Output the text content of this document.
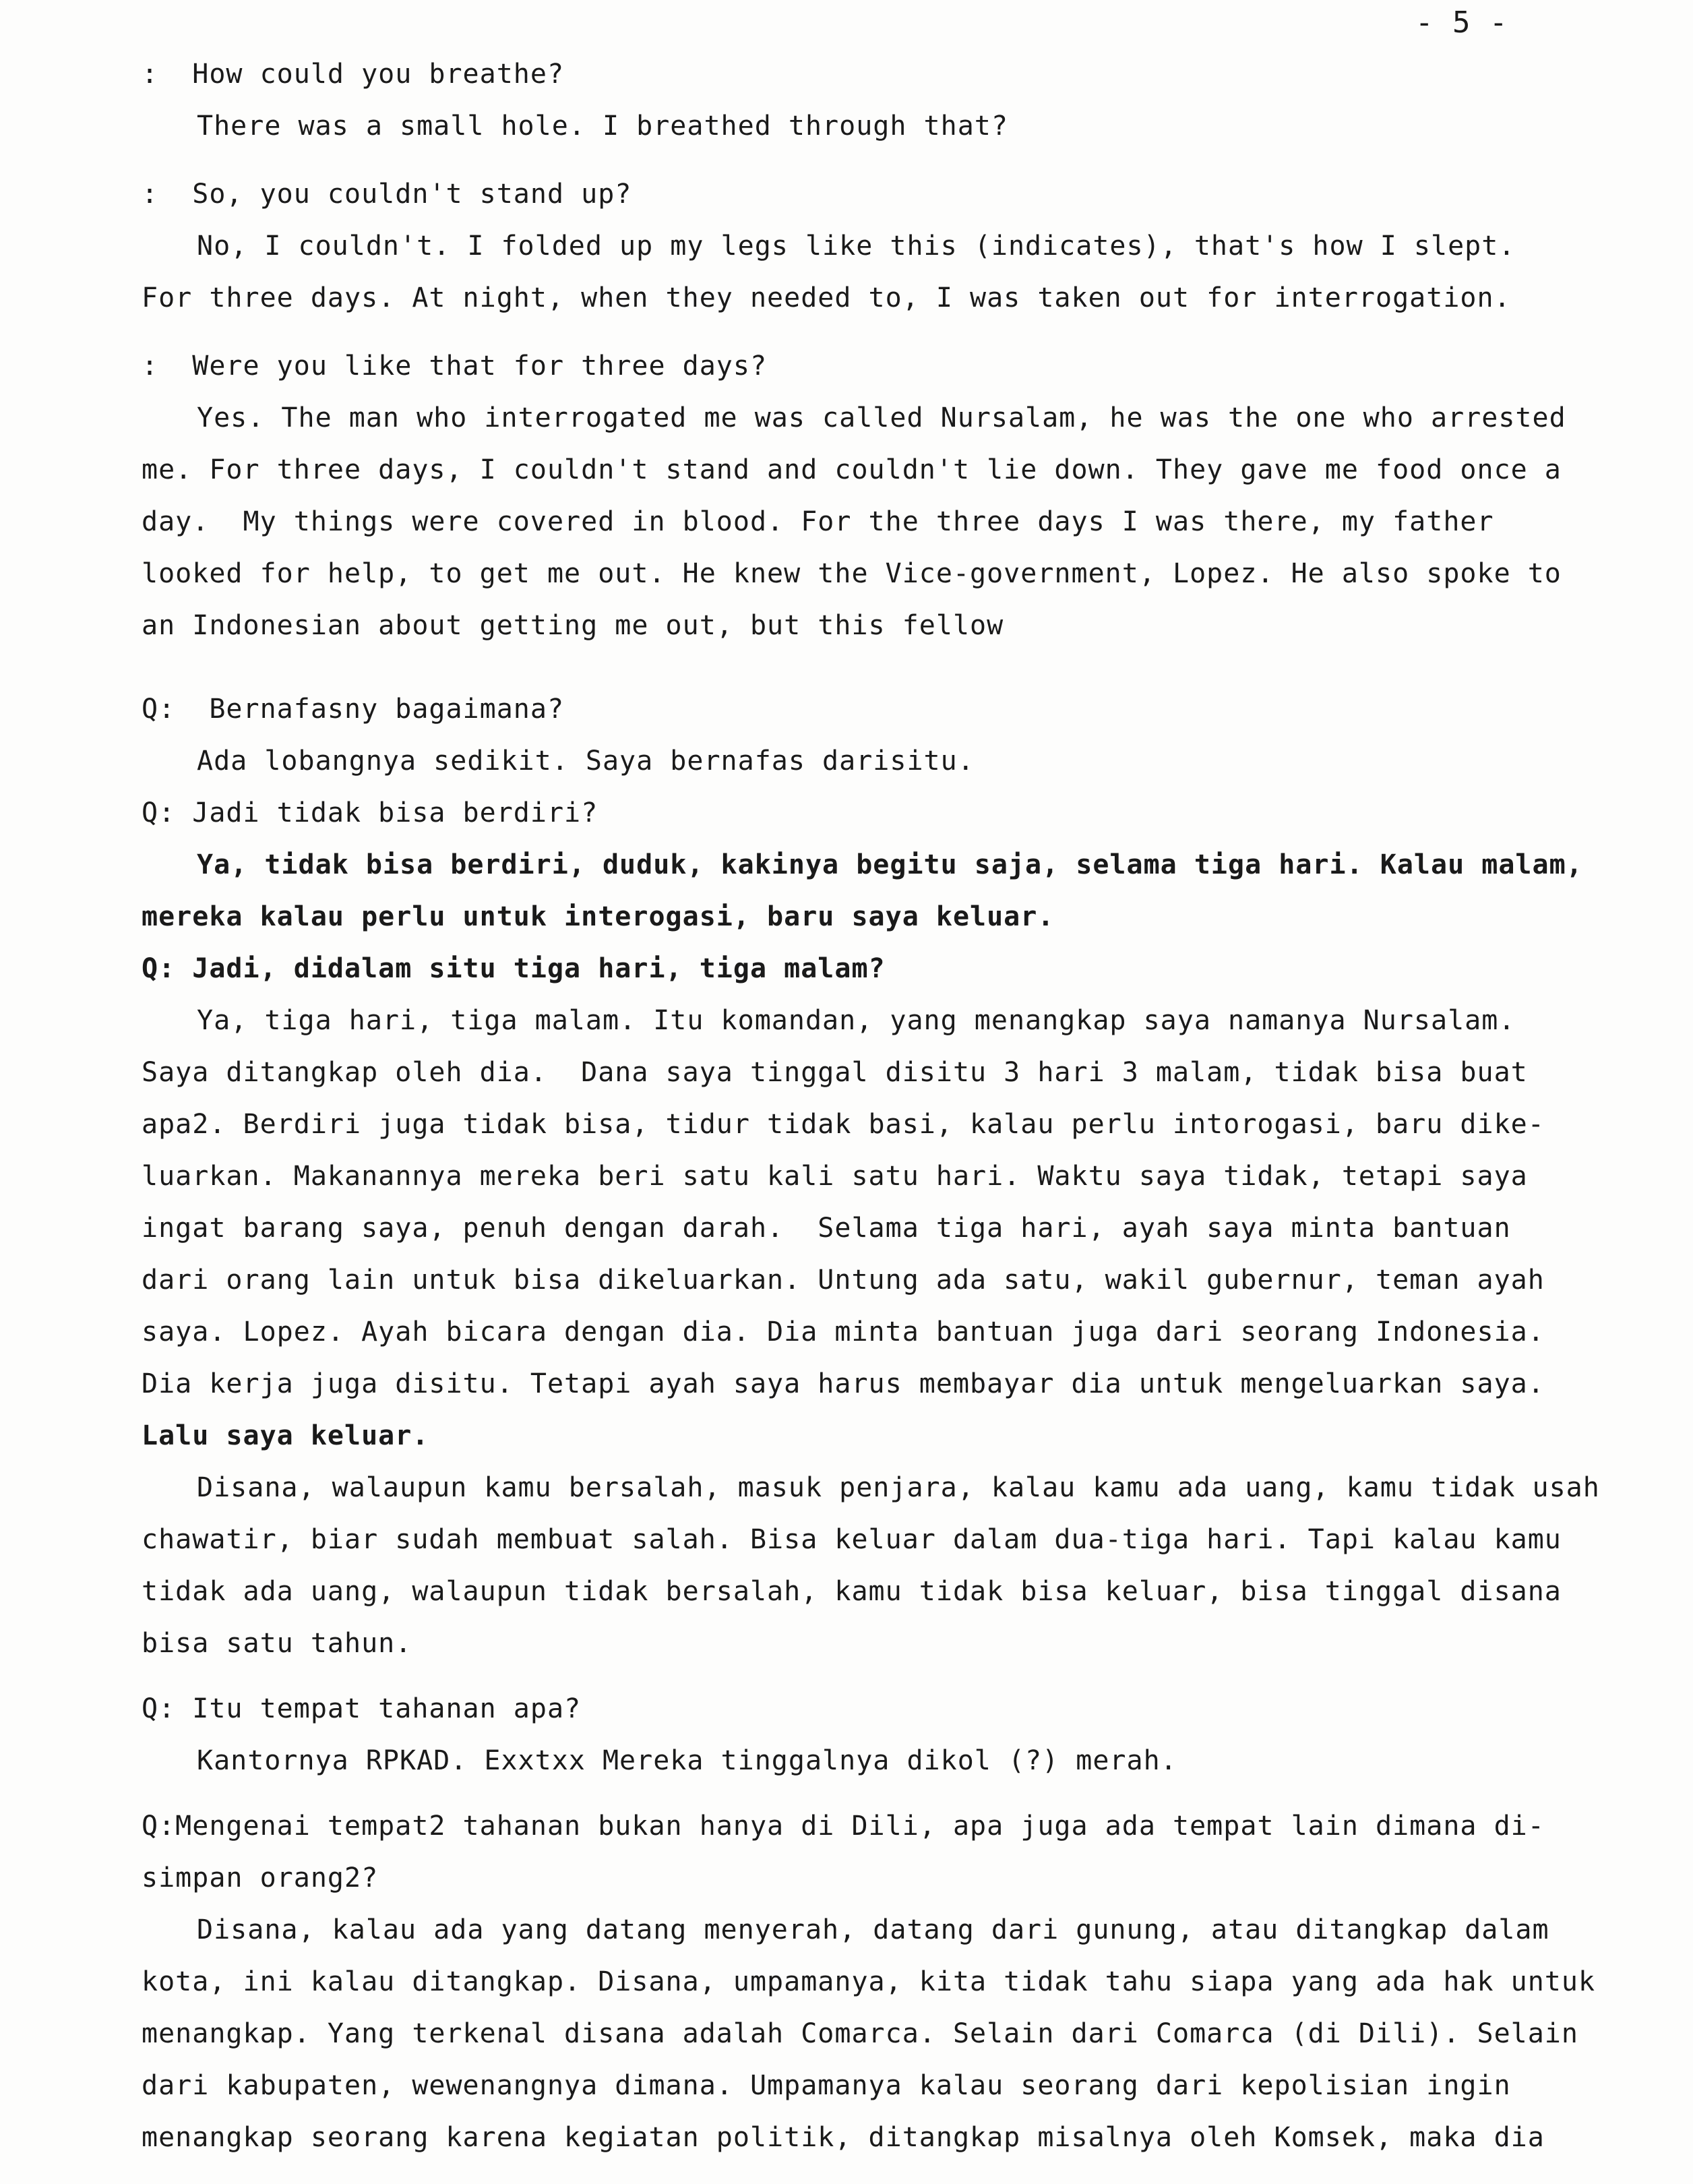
- 5 -
:  How could you breathe?
There was a small hole. I breathed through that?
:  So, you couldn't stand up?
No, I couldn't. I folded up my legs like this (indicates), that's how I slept.
For three days. At night, when they needed to, I was taken out for interrogation.
:  Were you like that for three days?
Yes. The man who interrogated me was called Nursalam, he was the one who arrested
me. For three days, I couldn't stand and couldn't lie down. They gave me food once a
day.  My things were covered in blood. For the three days I was there, my father
looked for help, to get me out. He knew the Vice-government, Lopez. He also spoke to
an Indonesian about getting me out, but this fellow
Q:  Bernafasny bagaimana?
Ada lobangnya sedikit. Saya bernafas darisitu.
Q: Jadi tidak bisa berdiri?
Ya, tidak bisa berdiri, duduk, kakinya begitu saja, selama tiga hari. Kalau malam,
mereka kalau perlu untuk interogasi, baru saya keluar.
Q: Jadi, didalam situ tiga hari, tiga malam?
Ya, tiga hari, tiga malam. Itu komandan, yang menangkap saya namanya Nursalam.
Saya ditangkap oleh dia.  Dana saya tinggal disitu 3 hari 3 malam, tidak bisa buat
apa2. Berdiri juga tidak bisa, tidur tidak basi, kalau perlu intorogasi, baru dike-
luarkan. Makanannya mereka beri satu kali satu hari. Waktu saya tidak, tetapi saya
ingat barang saya, penuh dengan darah.  Selama tiga hari, ayah saya minta bantuan
dari orang lain untuk bisa dikeluarkan. Untung ada satu, wakil gubernur, teman ayah
saya. Lopez. Ayah bicara dengan dia. Dia minta bantuan juga dari seorang Indonesia.
Dia kerja juga disitu. Tetapi ayah saya harus membayar dia untuk mengeluarkan saya.
Lalu saya keluar.
Disana, walaupun kamu bersalah, masuk penjara, kalau kamu ada uang, kamu tidak usah
chawatir, biar sudah membuat salah. Bisa keluar dalam dua-tiga hari. Tapi kalau kamu
tidak ada uang, walaupun tidak bersalah, kamu tidak bisa keluar, bisa tinggal disana
bisa satu tahun.
Q: Itu tempat tahanan apa?
Kantornya RPKAD. Exxtxx Mereka tinggalnya dikol (?) merah.
Q:Mengenai tempat2 tahanan bukan hanya di Dili, apa juga ada tempat lain dimana di-
simpan orang2?
Disana, kalau ada yang datang menyerah, datang dari gunung, atau ditangkap dalam
kota, ini kalau ditangkap. Disana, umpamanya, kita tidak tahu siapa yang ada hak untuk
menangkap. Yang terkenal disana adalah Comarca. Selain dari Comarca (di Dili). Selain
dari kabupaten, wewenangnya dimana. Umpamanya kalau seorang dari kepolisian ingin
menangkap seorang karena kegiatan politik, ditangkap misalnya oleh Komsek, maka dia
